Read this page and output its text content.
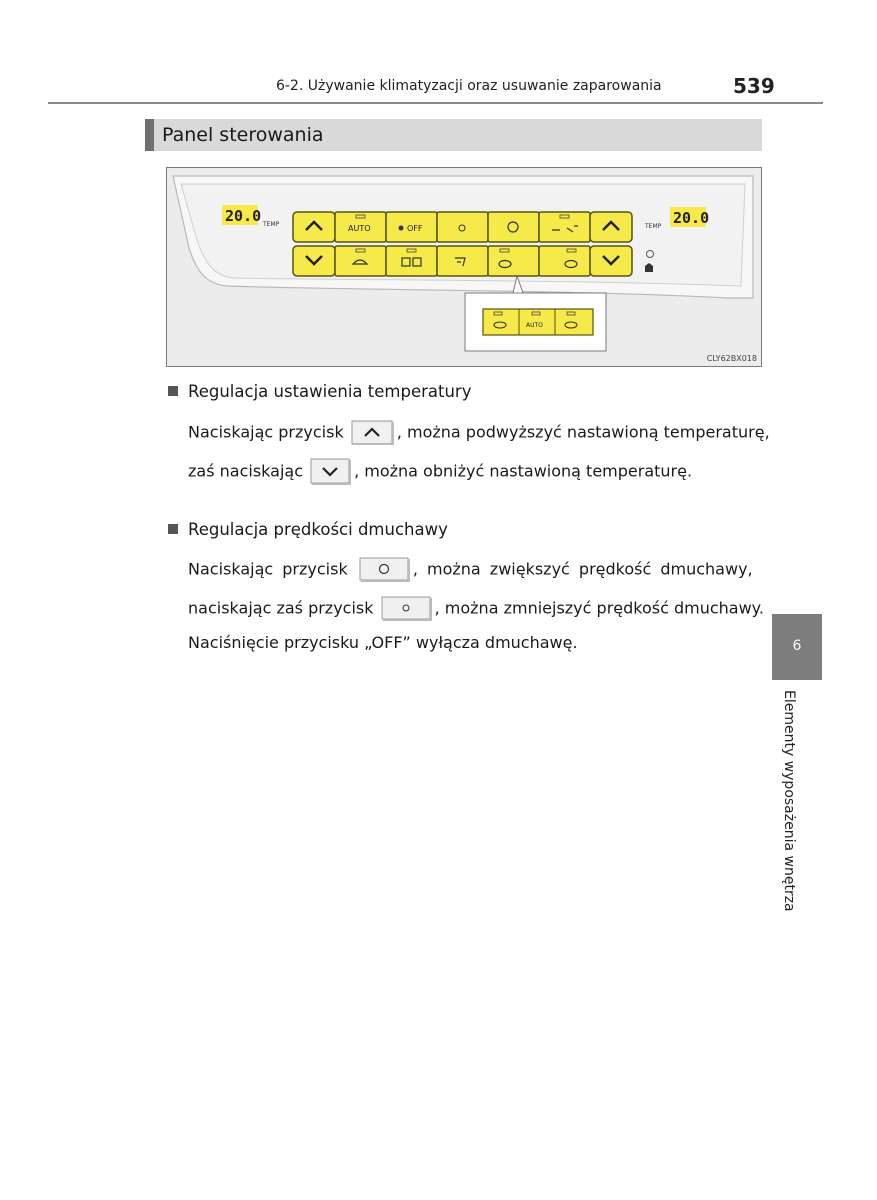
6-2. Używanie klimatyzacji oraz usuwanie zaparowania	539
Panel sterowania
20.0 TEMP	20.0
TEMP
AUTO	OFF
AUTO
CLY62BX018
Regulacja ustawienia temperatury
Naciskając przycisk	, można podwyższyć nastawioną temperaturę,
zaś naciskając	, można obniżyć nastawioną temperaturę.
Regulacja prędkości dmuchawy
Naciskając przycisk	, można zwiększyć prędkość dmuchawy,
naciskając zaś przycisk	, można zmniejszyć prędkość dmuchawy.
Naciśnięcie przycisku „OFF” wyłącza dmuchawę.	6
Elementy wyposażenia wnętrza
